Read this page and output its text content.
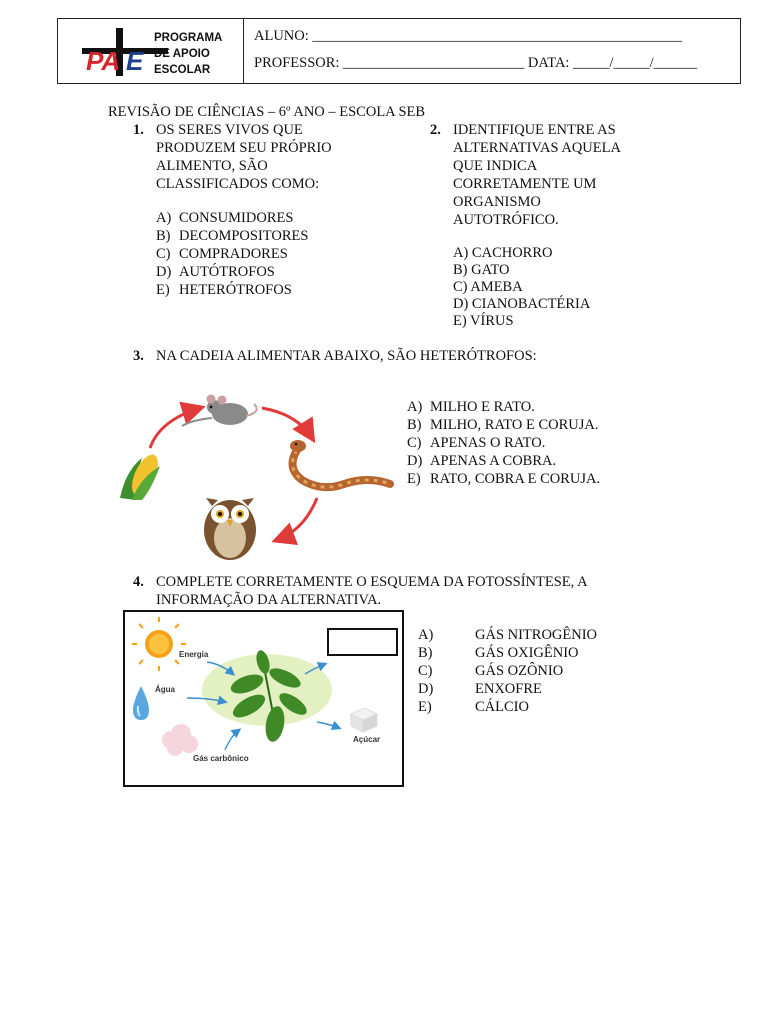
PA E
PROGRAMA
DE APOIO
ESCOLAR
ALUNO: ___________________________________________________
PROFESSOR: _________________________ DATA: _____/_____/______
REVISÃO DE CIÊNCIAS – 6º ANO – ESCOLA SEB
1. OS SERES VIVOS QUE
PRODUZEM SEU PRÓPRIO
ALIMENTO, SÃO
CLASSIFICADOS COMO:
A) CONSUMIDORES
B) DECOMPOSITORES
C) COMPRADORES
D) AUTÓTROFOS
E) HETERÓTROFOS
2. IDENTIFIQUE ENTRE AS
ALTERNATIVAS AQUELA
QUE INDICA
CORRETAMENTE UM
ORGANISMO
AUTOTRÓFICO.
A) CACHORRO
B) GATO
C) AMEBA
D) CIANOBACTÉRIA
E) VÍRUS
3. NA CADEIA ALIMENTAR ABAIXO, SÃO HETERÓTROFOS:
A) MILHO E RATO.
B) MILHO, RATO E CORUJA.
C) APENAS O RATO.
D) APENAS A COBRA.
E) RATO, COBRA E CORUJA.
4. COMPLETE CORRETAMENTE O ESQUEMA DA FOTOSSÍNTESE, A
INFORMAÇÃO DA ALTERNATIVA.
Energia
Água
Gás carbônico
Açúcar
A)	GÁS NITROGÊNIO
B)	GÁS OXIGÊNIO
C)	GÁS OZÔNIO
D)	ENXOFRE
E)	CÁLCIO
